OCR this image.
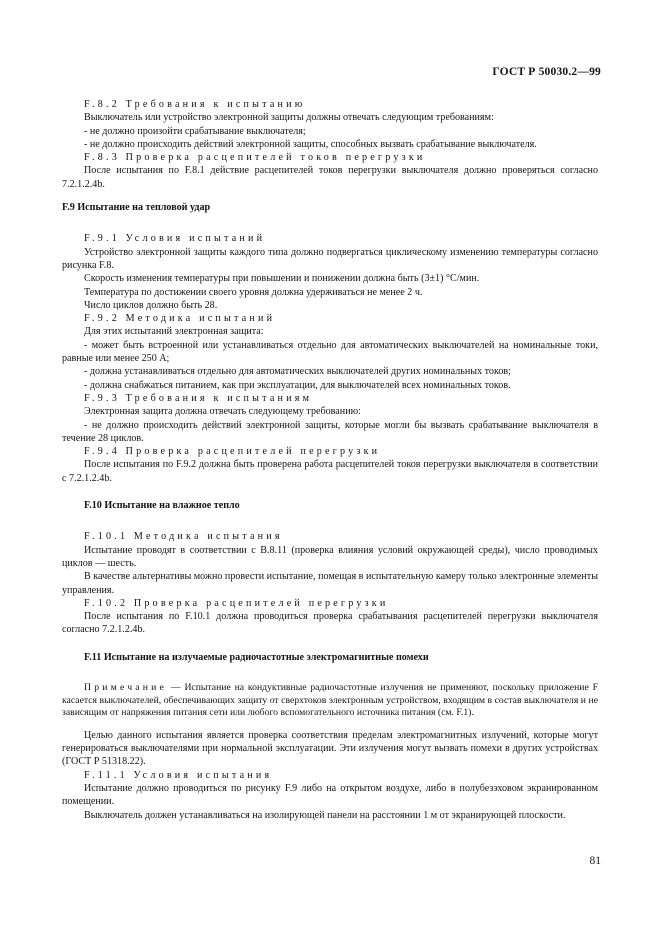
ГОСТ Р 50030.2—99

F.8.2 Требования к испытанию

Выключатель или устройство электронной защиты должны отвечать следующим требованиям:

- не должно произойти срабатывание выключателя;

- не должно происходить действий электронной защиты, способных вызвать срабатывание выключателя.

F.8.3 Проверка расцепителей токов перегрузки

После испытания по F.8.1 действие расцепителей токов перегрузки выключателя должно проверяться согласно 7.2.1.2.4b.

F.9 Испытание на тепловой удар

F.9.1 Условия испытаний

Устройство электронной защиты каждого типа должно подвергаться циклическому изменению температуры согласно рисунка F.8.

Скорость изменения температуры при повышении и понижении должна быть (3±1) °С/мин.

Температура по достижении своего уровня должна удерживаться не менее 2 ч.

Число циклов должно быть 28.

F.9.2 Методика испытаний

Для этих испытаний электронная защита:

- может быть встроенной или устанавливаться отдельно для автоматических выключателей на номинальные токи, равные или менее 250 А;

- должна устанавливаться отдельно для автоматических выключателей других номинальных токов;

- должна снабжаться питанием, как при эксплуатации, для выключателей всех номинальных токов.

F.9.3 Требования к испытаниям

Электронная защита должна отвечать следующему требованию:

- не должно происходить действий электронной защиты, которые могли бы вызвать срабатывание выключателя в течение 28 циклов.

F.9.4 Проверка расцепителей перегрузки

После испытания по F.9.2 должна быть проверена работа расцепителей токов перегрузки выключателя в соответствии с 7.2.1.2.4b.

F.10 Испытание на влажное тепло

F.10.1 Методика испытания

Испытание проводят в соответствии с В.8.11 (проверка влияния условий окружающей среды), число проводимых циклов — шесть.

В качестве альтернативы можно провести испытание, помещая в испытательную камеру только электронные элементы управления.

F.10.2 Проверка расцепителей перегрузки

После испытания по F.10.1 должна проводиться проверка срабатывания расцепителей перегрузки выключателя согласно 7.2.1.2.4b.

F.11 Испытание на излучаемые радиочастотные электромагнитные помехи

Примечание — Испытание на кондуктивные радиочастотные излучения не применяют, поскольку приложение F касается выключателей, обеспечивающих защиту от сверхтоков электронным устройством, входящим в состав выключателя и не зависящим от напряжения питания сети или любого вспомогательного источника питания (см. F.1).

Целью данного испытания является проверка соответствия пределам электромагнитных излучений, которые могут генерироваться выключателями при нормальной эксплуатации. Эти излучения могут вызвать помехи в других устройствах (ГОСТ Р 51318.22).

F.11.1 Условия испытания

Испытание должно проводиться по рисунку F.9 либо на открытом воздухе, либо в полубезэховом экранированном помещении.

Выключатель должен устанавливаться на изолирующей панели на расстоянии 1 м от экранирующей плоскости.

81
